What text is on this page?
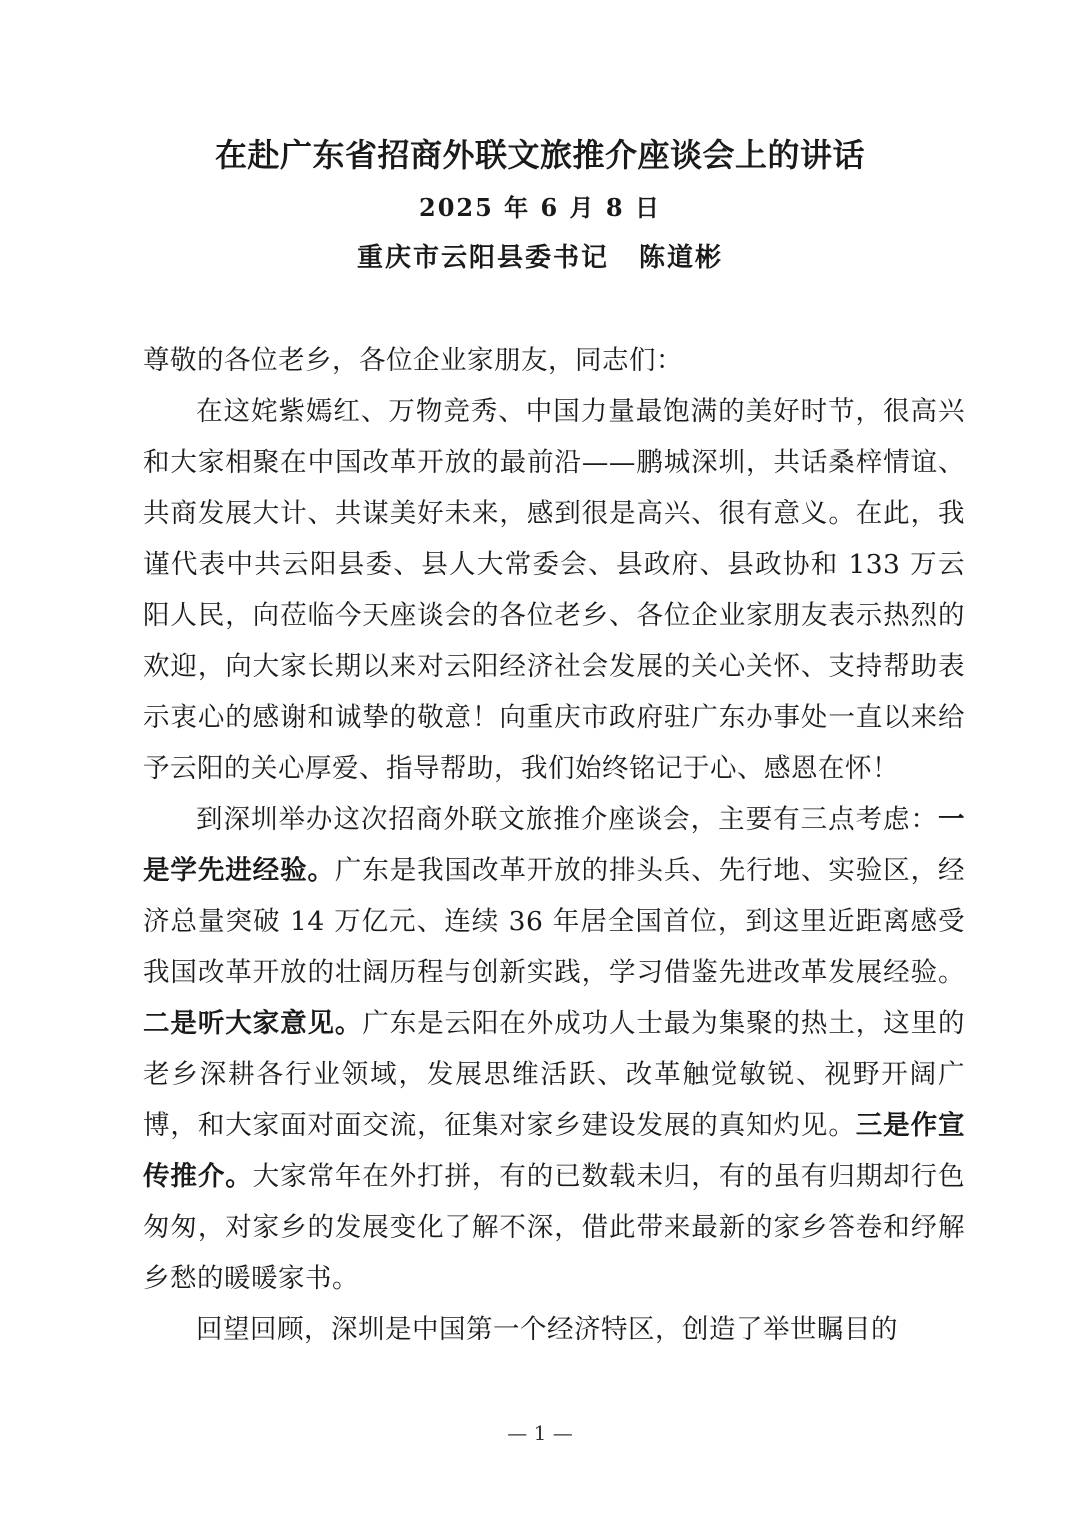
在赴广东省招商外联文旅推介座谈会上的讲话
2025 年 6 月 8 日
重庆市云阳县委书记 陈道彬

尊敬的各位老乡，各位企业家朋友，同志们：

在这姹紫嫣红、万物竞秀、中国力量最饱满的美好时节，很高兴和大家相聚在中国改革开放的最前沿——鹏城深圳，共话桑梓情谊、共商发展大计、共谋美好未来，感到很是高兴、很有意义。在此，我谨代表中共云阳县委、县人大常委会、县政府、县政协和 133 万云阳人民，向莅临今天座谈会的各位老乡、各位企业家朋友表示热烈的欢迎，向大家长期以来对云阳经济社会发展的关心关怀、支持帮助表示衷心的感谢和诚挚的敬意！向重庆市政府驻广东办事处一直以来给予云阳的关心厚爱、指导帮助，我们始终铭记于心、感恩在怀！

到深圳举办这次招商外联文旅推介座谈会，主要有三点考虑：一是学先进经验。广东是我国改革开放的排头兵、先行地、实验区，经济总量突破 14 万亿元、连续 36 年居全国首位，到这里近距离感受我国改革开放的壮阔历程与创新实践，学习借鉴先进改革发展经验。二是听大家意见。广东是云阳在外成功人士最为集聚的热土，这里的老乡深耕各行业领域，发展思维活跃、改革触觉敏锐、视野开阔广博，和大家面对面交流，征集对家乡建设发展的真知灼见。三是作宣传推介。大家常年在外打拼，有的已数载未归，有的虽有归期却行色匆匆，对家乡的发展变化了解不深，借此带来最新的家乡答卷和纾解乡愁的暖暖家书。

回望回顾，深圳是中国第一个经济特区，创造了举世瞩目的

— 1 —
